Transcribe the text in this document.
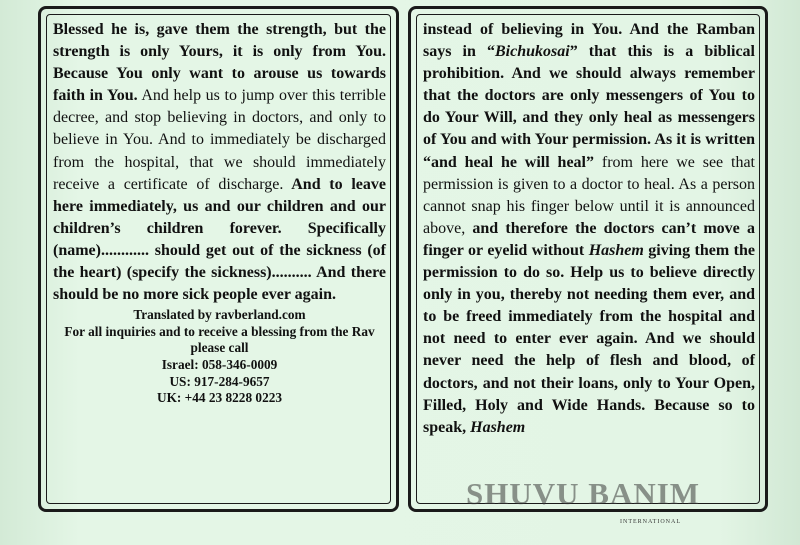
Blessed he is, gave them the strength, but the strength is only Yours, it is only from You. Because You only want to arouse us towards faith in You. And help us to jump over this terrible decree, and stop believing in doctors, and only to believe in You. And to immediately be discharged from the hospital, that we should immediately receive a certificate of discharge. And to leave here immediately, us and our children and our children’s children forever. Specifically (name)............ should get out of the sickness (of the heart) (specify the sickness).......... And there should be no more sick people ever again.

Translated by ravberland.com
For all inquiries and to receive a blessing from the Rav
please call
Israel: 058-346-0009
US: 917-284-9657
UK: +44 23 8228 0223

instead of believing in You. And the Ramban says in “Bichukosai” that this is a biblical prohibition. And we should always remember that the doctors are only messengers of You to do Your Will, and they only heal as messengers of You and with Your permission. As it is written “and heal he will heal” from here we see that permission is given to a doctor to heal. As a person cannot snap his finger below until it is announced above, and therefore the doctors can’t move a finger or eyelid without Hashem giving them the permission to do so. Help us to believe directly only in you, thereby not needing them ever, and to be freed immediately from the hospital and not need to enter ever again. And we should never need the help of flesh and blood, of doctors, and not their loans, only to Your Open, Filled, Holy and Wide Hands. Because so to speak, Hashem

SHUVU BANIM
INTERNATIONAL
